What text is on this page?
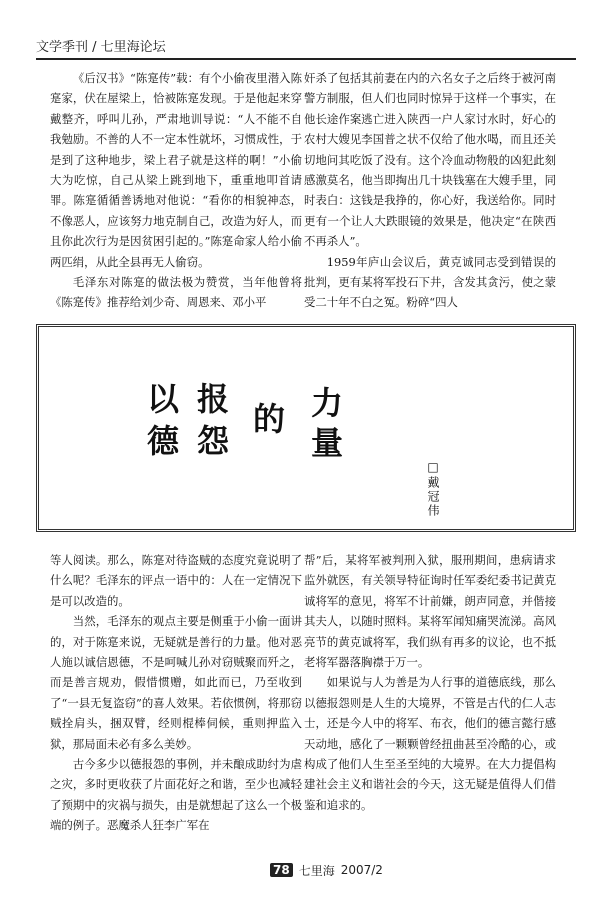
文学季刊 / 七里海论坛

《后汉书》“陈寔传”载：有个小偷夜里潜入陈寔家，伏在屋梁上，恰被陈寔发现。于是他起来穿戴整齐，呼叫儿孙，严肃地训导说：“人不能不自我勉励。不善的人不一定本性就坏，习惯成性，于是到了这种地步，梁上君子就是这样的啊！”小偷大为吃惊，自己从梁上跳到地下，重重地叩首请罪。陈寔循循善诱地对他说：“看你的相貌神态，不像恶人，应该努力地克制自己，改造为好人，而且你此次行为是因贫困引起的。”陈寔命家人给小偷两匹绢，从此全县再无人偷窃。

毛泽东对陈寔的做法极为赞赏，当年他曾将《陈寔传》推荐给刘少奇、周恩来、邓小平

奸杀了包括其前妻在内的六名女子之后终于被河南警方制服，但人们也同时惊异于这样一个事实，在他长途作案逃亡进入陕西一户人家讨水时，好心的农村大嫂见李国普之状不仅给了他水喝，而且还关切地问其吃饭了没有。这个冷血动物般的凶犯此刻感激莫名，他当即掏出几十块钱塞在大嫂手里，同时表白：这钱是我挣的，你心好，我送给你。同时更有一个让人大跌眼镜的效果是，他决定“在陕西不再杀人”。

1959年庐山会议后，黄克诚同志受到错误的批判，更有某将军投石下井，含发其贪污，使之蒙受二十年不白之冤。粉碎“四人

以
德
报
怨
的 力
量
□戴冠伟

等人阅读。那么，陈寔对待盗贼的态度究竟说明了什么呢？毛泽东的评点一语中的：人在一定情况下是可以改造的。

当然，毛泽东的观点主要是侧重于小偷一面讲的，对于陈寔来说，无疑就是善行的力量。他对恶人施以诚信恩德，不是呵喊儿孙对窃贼聚而歼之，而是善言规劝，假惜惯赠，如此而已，乃至收到了“一县无复盗窃”的喜人效果。若依惯例，将那窃贼拴肩头，捆双臂，经则棍棒伺候，重则押监入狱，那局面未必有多么美妙。

古今多少以德报怨的事例，并未酿成助纣为虐之灾，多时更收获了片面花好之和谐，至少也减轻了预期中的灾祸与损失，由是就想起了这么一个极端的例子。恶魔杀人狂李广军在

帮”后，某将军被判刑入狱，服刑期间，患病请求监外就医，有关领导特征询时任军委纪委书记黄克诚将军的意见，将军不计前嫌，朗声同意，并偕接其夫人，以随时照料。某将军闻知痛哭流涕。高风亮节的黄克诚将军，我们纵有再多的议论，也不抵老将军器落胸襟于万一。

如果说与人为善是为人行事的道德底线，那么以德报怨则是人生的大境界，不管是古代的仁人志士，还是今人中的将军、布衣，他们的德言懿行感天动地，感化了一颗颗曾经扭曲甚至冷酷的心，或构成了他们人生至圣至纯的大境界。在大力提倡构建社会主义和谐社会的今天，这无疑是值得人们借鉴和追求的。

78 七里海 2007/2
